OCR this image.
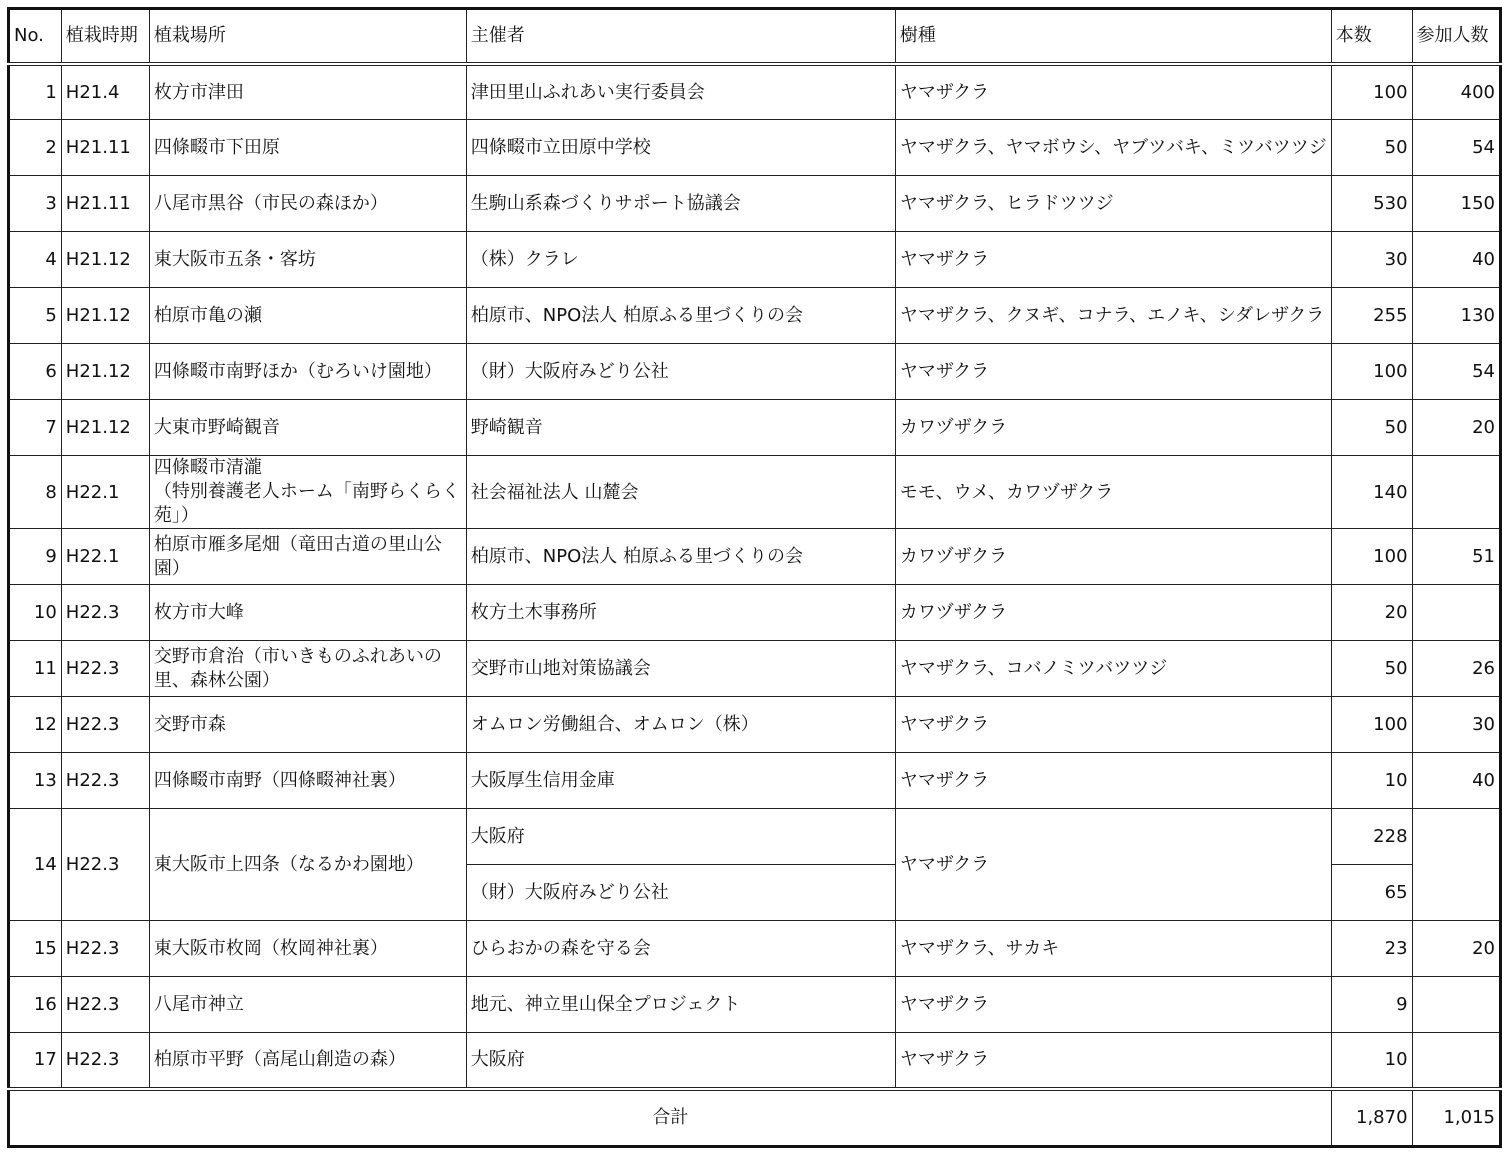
No.	植栽時期	植栽場所	主催者	樹種	本数	参加人数
1	H21.4	枚方市津田	津田里山ふれあい実行委員会	ヤマザクラ	100	400
2	H21.11	四條畷市下田原	四條畷市立田原中学校	ヤマザクラ、ヤマボウシ、ヤブツバキ、ミツバツツジ	50	54
3	H21.11	八尾市黒谷（市民の森ほか）	生駒山系森づくりサポート協議会	ヤマザクラ、ヒラドツツジ	530	150
4	H21.12	東大阪市五条・客坊	（株）クラレ	ヤマザクラ	30	40
5	H21.12	柏原市亀の瀬	柏原市、NPO法人 柏原ふる里づくりの会	ヤマザクラ、クヌギ、コナラ、エノキ、シダレザクラ	255	130
6	H21.12	四條畷市南野ほか（むろいけ園地）	（財）大阪府みどり公社	ヤマザクラ	100	54
7	H21.12	大東市野崎観音	野崎観音	カワヅザクラ	50	20
8	H22.1	四條畷市清瀧
（特別養護老人ホーム「南野らくらく苑」）	社会福祉法人 山麓会	モモ、ウメ、カワヅザクラ	140	
9	H22.1	柏原市雁多尾畑（竜田古道の里山公園）	柏原市、NPO法人 柏原ふる里づくりの会	カワヅザクラ	100	51
10	H22.3	枚方市大峰	枚方土木事務所	カワヅザクラ	20	
11	H22.3	交野市倉治（市いきものふれあいの里、森林公園）	交野市山地対策協議会	ヤマザクラ、コバノミツバツツジ	50	26
12	H22.3	交野市森	オムロン労働組合、オムロン（株）	ヤマザクラ	100	30
13	H22.3	四條畷市南野（四條畷神社裏）	大阪厚生信用金庫	ヤマザクラ	10	40
14	H22.3	東大阪市上四条（なるかわ園地）	大阪府	ヤマザクラ	228	
			（財）大阪府みどり公社		65	
15	H22.3	東大阪市枚岡（枚岡神社裏）	ひらおかの森を守る会	ヤマザクラ、サカキ	23	20
16	H22.3	八尾市神立	地元、神立里山保全プロジェクト	ヤマザクラ	9	
17	H22.3	柏原市平野（高尾山創造の森）	大阪府	ヤマザクラ	10	
合計					1,870	1,015
